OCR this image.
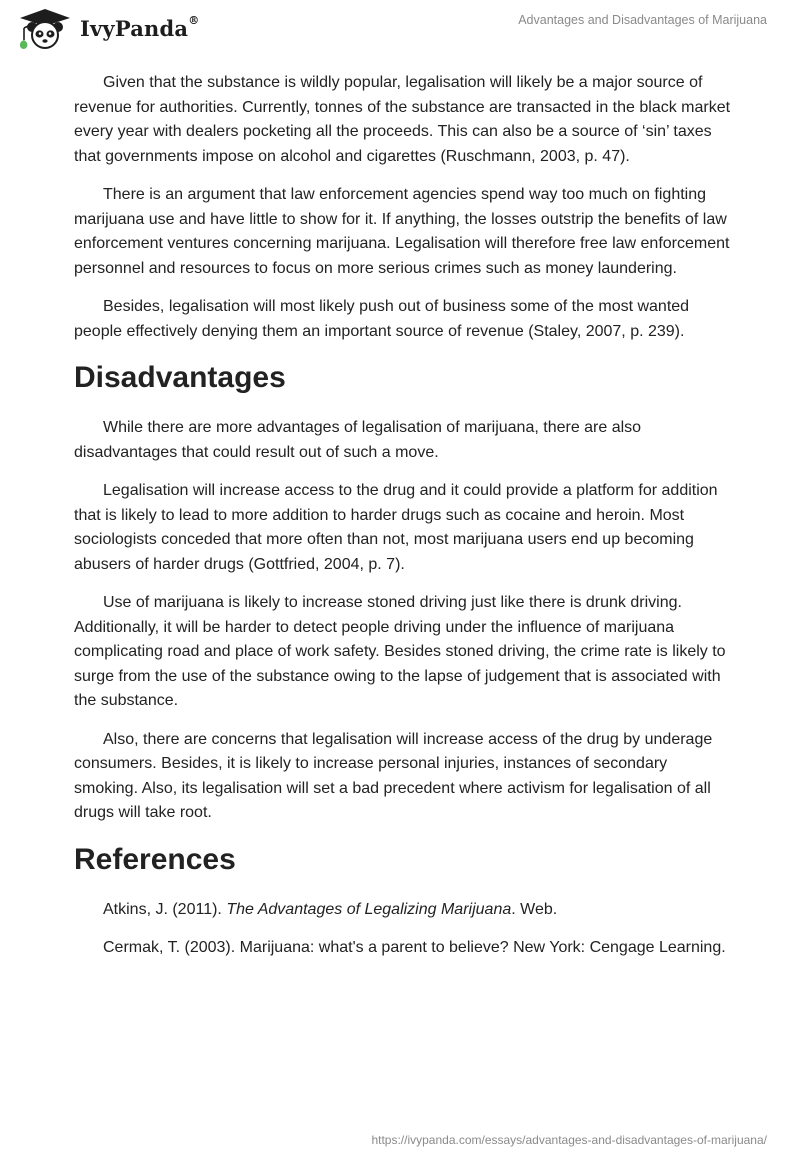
IvyPanda®	Advantages and Disadvantages of Marijuana

Given that the substance is wildly popular, legalisation will likely be a major source of revenue for authorities. Currently, tonnes of the substance are transacted in the black market every year with dealers pocketing all the proceeds. This can also be a source of ‘sin’ taxes that governments impose on alcohol and cigarettes (Ruschmann, 2003, p. 47).

There is an argument that law enforcement agencies spend way too much on fighting marijuana use and have little to show for it. If anything, the losses outstrip the benefits of law enforcement ventures concerning marijuana. Legalisation will therefore free law enforcement personnel and resources to focus on more serious crimes such as money laundering.

Besides, legalisation will most likely push out of business some of the most wanted people effectively denying them an important source of revenue (Staley, 2007, p. 239).

Disadvantages

While there are more advantages of legalisation of marijuana, there are also disadvantages that could result out of such a move.

Legalisation will increase access to the drug and it could provide a platform for addition that is likely to lead to more addition to harder drugs such as cocaine and heroin. Most sociologists conceded that more often than not, most marijuana users end up becoming abusers of harder drugs (Gottfried, 2004, p. 7).

Use of marijuana is likely to increase stoned driving just like there is drunk driving. Additionally, it will be harder to detect people driving under the influence of marijuana complicating road and place of work safety. Besides stoned driving, the crime rate is likely to surge from the use of the substance owing to the lapse of judgement that is associated with the substance.

Also, there are concerns that legalisation will increase access of the drug by underage consumers. Besides, it is likely to increase personal injuries, instances of secondary smoking. Also, its legalisation will set a bad precedent where activism for legalisation of all drugs will take root.

References

Atkins, J. (2011). The Advantages of Legalizing Marijuana. Web.

Cermak, T. (2003). Marijuana: what's a parent to believe? New York: Cengage Learning.

https://ivypanda.com/essays/advantages-and-disadvantages-of-marijuana/
